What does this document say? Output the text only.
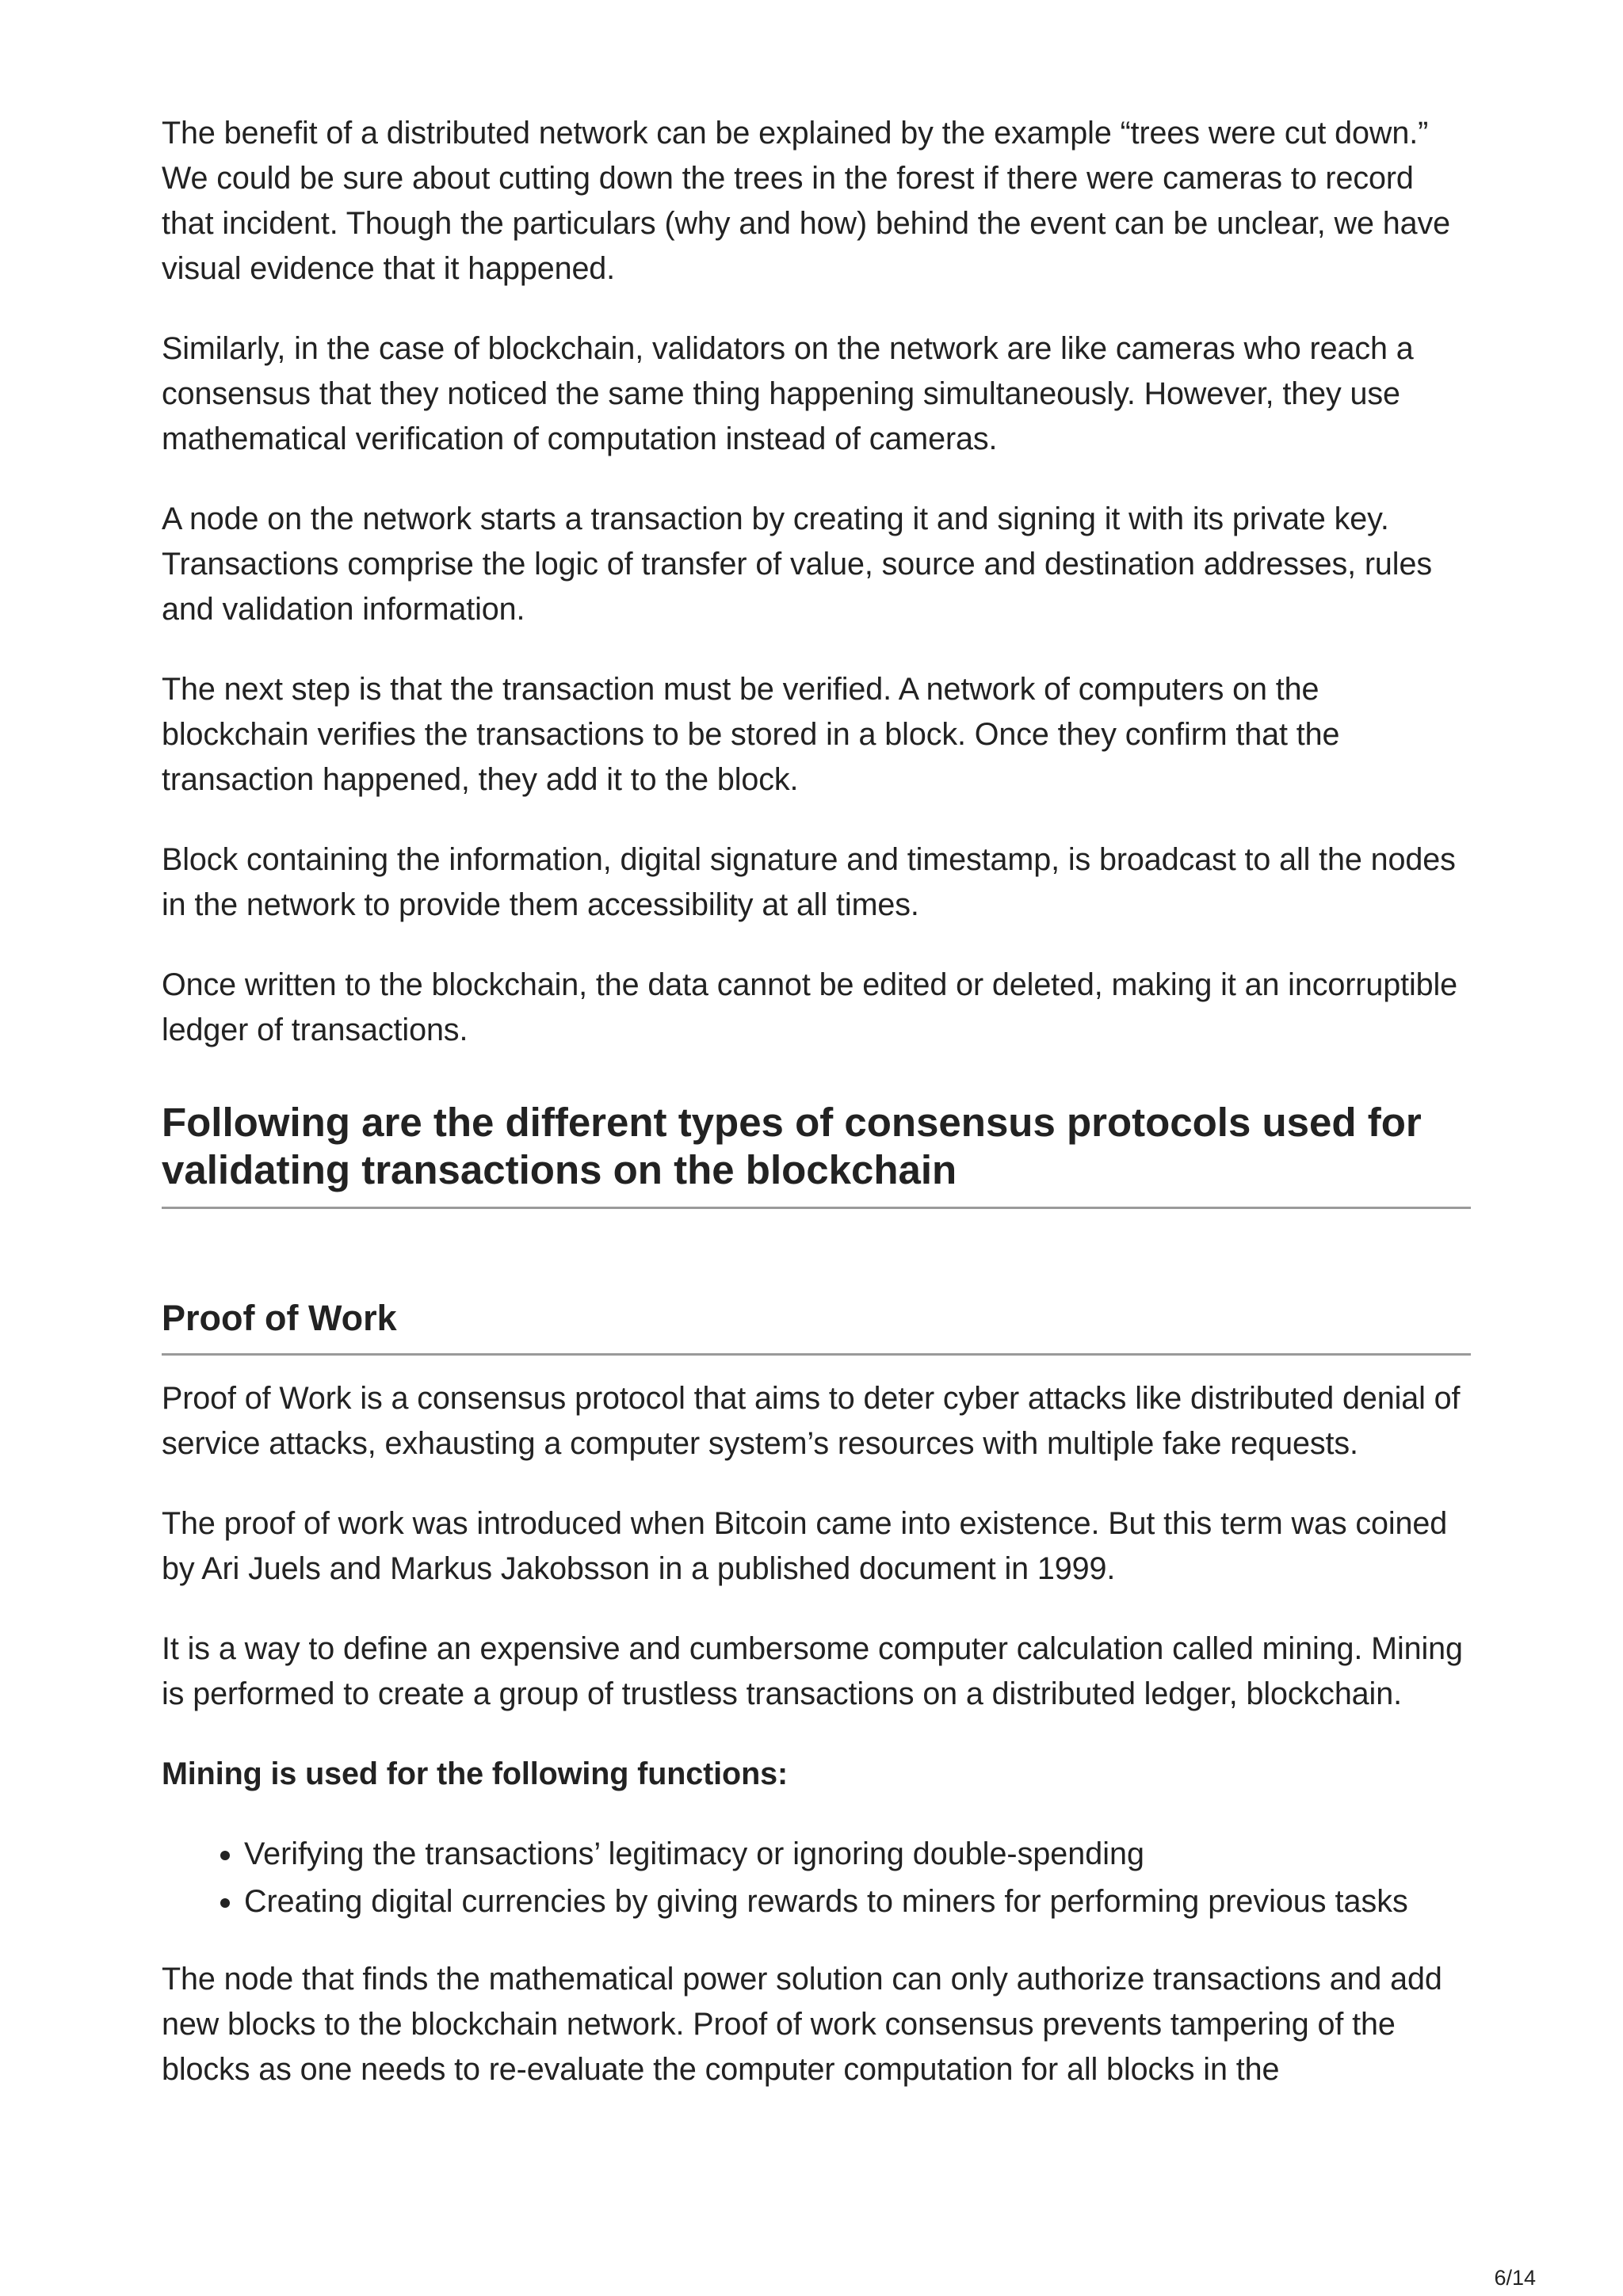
The benefit of a distributed network can be explained by the example “trees were cut down.” We could be sure about cutting down the trees in the forest if there were cameras to record that incident. Though the particulars (why and how) behind the event can be unclear, we have visual evidence that it happened.

Similarly, in the case of blockchain, validators on the network are like cameras who reach a consensus that they noticed the same thing happening simultaneously. However, they use mathematical verification of computation instead of cameras.

A node on the network starts a transaction by creating it and signing it with its private key. Transactions comprise the logic of transfer of value, source and destination addresses, rules and validation information.

The next step is that the transaction must be verified. A network of computers on the blockchain verifies the transactions to be stored in a block. Once they confirm that the transaction happened, they add it to the block.

Block containing the information, digital signature and timestamp, is broadcast to all the nodes in the network to provide them accessibility at all times.

Once written to the blockchain, the data cannot be edited or deleted, making it an incorruptible ledger of transactions.

Following are the different types of consensus protocols used for validating transactions on the blockchain
Proof of Work

Proof of Work is a consensus protocol that aims to deter cyber attacks like distributed denial of service attacks, exhausting a computer system’s resources with multiple fake requests.

The proof of work was introduced when Bitcoin came into existence. But this term was coined by Ari Juels and Markus Jakobsson in a published document in 1999.

It is a way to define an expensive and cumbersome computer calculation called mining. Mining is performed to create a group of trustless transactions on a distributed ledger, blockchain.

Mining is used for the following functions:

• Verifying the transactions’ legitimacy or ignoring double-spending
• Creating digital currencies by giving rewards to miners for performing previous tasks

The node that finds the mathematical power solution can only authorize transactions and add new blocks to the blockchain network. Proof of work consensus prevents tampering of the blocks as one needs to re-evaluate the computer computation for all blocks in the

6/14
